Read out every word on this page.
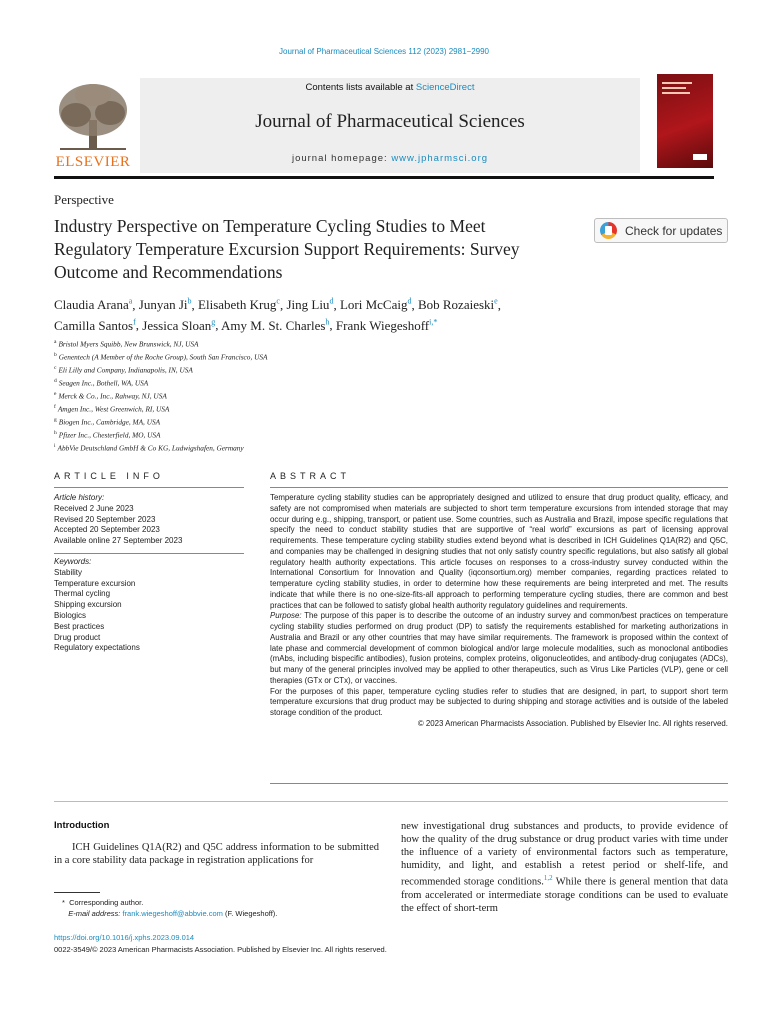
Journal of Pharmaceutical Sciences 112 (2023) 2981−2990
ELSEVIER
Contents lists available at ScienceDirect
Journal of Pharmaceutical Sciences
journal homepage: www.jpharmsci.org
Perspective
Industry Perspective on Temperature Cycling Studies to Meet Regulatory Temperature Excursion Support Requirements: Survey Outcome and Recommendations
Check for updates
Claudia Arana$^a$, Junyan Ji$^b$, Elisabeth Krug$^c$, Jing Liu$^d$, Lori McCaig$^d$, Bob Rozaieski$^e$,
Camilla Santos$^f$, Jessica Sloan$^g$, Amy M. St. Charles$^h$, Frank Wiegeshoff$^{i,*}$
$^a$ Bristol Myers Squibb, New Brunswick, NJ, USA
$^b$ Genentech (A Member of the Roche Group), South San Francisco, USA
$^c$ Eli Lilly and Company, Indianapolis, IN, USA
$^d$ Seagen Inc., Bothell, WA, USA
$^e$ Merck & Co., Inc., Rahway, NJ, USA
$^f$ Amgen Inc., West Greenwich, RI, USA
$^g$ Biogen Inc., Cambridge, MA, USA
$^h$ Pfizer Inc., Chesterfield, MO, USA
$^i$ AbbVie Deutschland GmbH & Co KG, Ludwigshafen, Germany
ARTICLE INFO	ABSTRACT
Article history:
Received 2 June 2023
Revised 20 September 2023
Accepted 20 September 2023
Available online 27 September 2023
Keywords:
Stability
Temperature excursion
Thermal cycling
Shipping excursion
Biologics
Best practices
Drug product
Regulatory expectations

Temperature cycling stability studies can be appropriately designed and utilized to ensure that drug product quality, efficacy, and safety are not compromised when materials are subjected to short term temperature excursions from intended storage that may occur during e.g., shipping, transport, or patient use. Some countries, such as Australia and Brazil, impose specific regulations that specify the need to conduct stability studies that are supportive of “real world” excursions as part of licensing approval requirements. These temperature cycling stability studies extend beyond what is described in ICH Guidelines Q1A(R2) and Q5C, and companies may be challenged in designing studies that not only satisfy country specific regulations, but also satisfy all global regulatory health authority expectations. This article focuses on responses to a cross-industry survey conducted within the International Consortium for Innovation and Quality (iqconsortium.org) member companies, regarding practices related to temperature cycling stability studies, in order to determine how these requirements are being interpreted and met. The results indicate that while there is no one-size-fits-all approach to performing temperature cycling studies, there are common and best practices that can be followed to satisfy global health authority regulatory guidelines and requirements.

Purpose: The purpose of this paper is to describe the outcome of an industry survey and common/best practices on temperature cycling stability studies performed on drug product (DP) to satisfy the requirements established for marketing authorizations in Australia and Brazil or any other countries that may have similar requirements. The framework is proposed within the context of late phase and commercial development of common biological and/or large molecule modalities, such as monoclonal antibodies (mAbs, including bispecific antibodies), fusion proteins, complex proteins, oligonucleotides, and antibody-drug conjugates (ADCs), but many of the general principles involved may be applied to other therapeutics, such as Virus Like Particles (VLP), gene or cell therapies (GTx or CTx), or vaccines.

For the purposes of this paper, temperature cycling studies refer to studies that are designed, in part, to support short term temperature excursions that drug product may be subjected to during shipping and storage activities and is outside of the labeled storage condition of the product.

© 2023 American Pharmacists Association. Published by Elsevier Inc. All rights reserved.

Introduction
ICH Guidelines Q1A(R2) and Q5C address information to be submitted in a core stability data package in registration applications for
new investigational drug substances and products, to provide evidence of how the quality of the drug substance or drug product varies with time under the influence of a variety of environmental factors such as temperature, humidity, and light, and establish a retest period or shelf-life, and recommended storage conditions.$^{1,2}$ While there is general mention that data from accelerated or intermediate storage conditions can be used to evaluate the effect of short-term
* Corresponding author.
E-mail address: frank.wiegeshoff@abbvie.com (F. Wiegeshoff).
https://doi.org/10.1016/j.xphs.2023.09.014
0022-3549/© 2023 American Pharmacists Association. Published by Elsevier Inc. All rights reserved.
